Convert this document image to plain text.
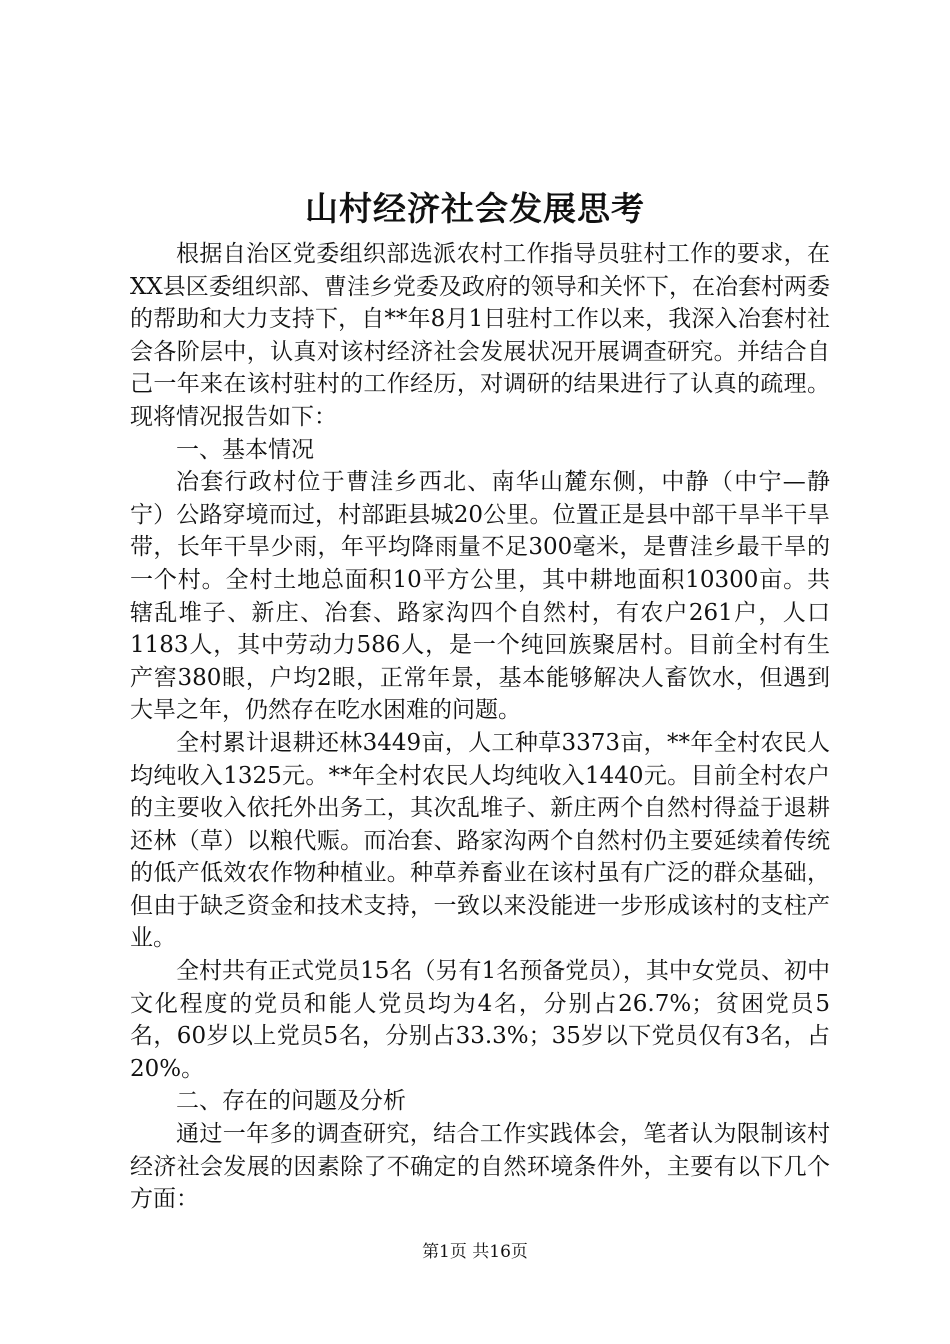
山村经济社会发展思考

根据自治区党委组织部选派农村工作指导员驻村工作的要求，在XX县区委组织部、曹洼乡党委及政府的领导和关怀下，在冶套村两委的帮助和大力支持下，自**年8月1日驻村工作以来，我深入冶套村社会各阶层中，认真对该村经济社会发展状况开展调查研究。并结合自己一年来在该村驻村的工作经历，对调研的结果进行了认真的疏理。现将情况报告如下：

一、基本情况

冶套行政村位于曹洼乡西北、南华山麓东侧，中静（中宁—静宁）公路穿境而过，村部距县城20公里。位置正是县中部干旱半干旱带，长年干旱少雨，年平均降雨量不足300毫米，是曹洼乡最干旱的一个村。全村土地总面积10平方公里，其中耕地面积10300亩。共辖乱堆子、新庄、冶套、路家沟四个自然村，有农户261户，人口1183人，其中劳动力586人，是一个纯回族聚居村。目前全村有生产窖380眼，户均2眼，正常年景，基本能够解决人畜饮水，但遇到大旱之年，仍然存在吃水困难的问题。

全村累计退耕还林3449亩，人工种草3373亩，**年全村农民人均纯收入1325元。**年全村农民人均纯收入1440元。目前全村农户的主要收入依托外出务工，其次乱堆子、新庄两个自然村得益于退耕还林（草）以粮代赈。而冶套、路家沟两个自然村仍主要延续着传统的低产低效农作物种植业。种草养畜业在该村虽有广泛的群众基础，但由于缺乏资金和技术支持，一致以来没能进一步形成该村的支柱产业。

全村共有正式党员15名（另有1名预备党员），其中女党员、初中文化程度的党员和能人党员均为4名，分别占26.7%；贫困党员5名，60岁以上党员5名，分别占33.3%；35岁以下党员仅有3名，占20%。

二、存在的问题及分析

通过一年多的调查研究，结合工作实践体会，笔者认为限制该村经济社会发展的因素除了不确定的自然环境条件外，主要有以下几个方面：

第1页 共16页
